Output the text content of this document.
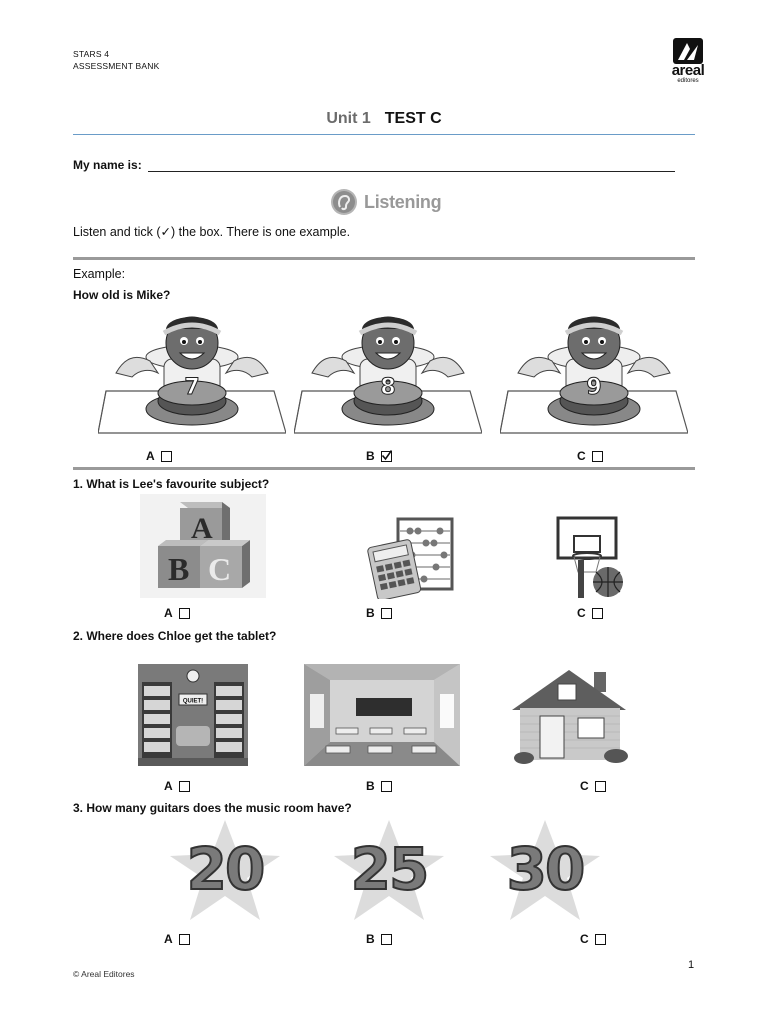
STARS 4
ASSESSMENT BANK	areal
editores
Unit 1 TEST C
My name is:
Listening
Listen and tick (✓) the box. There is one example.
Example:
How old is Mike?
7	8	9
A	B	C
1. What is Lee's favourite subject?
A
B C
A	B	C
2. Where does Chloe get the tablet?
QUIET!
A	B	C
3. How many guitars does the music room have?
20	25	30
A	B	C
1
© Areal Editores
